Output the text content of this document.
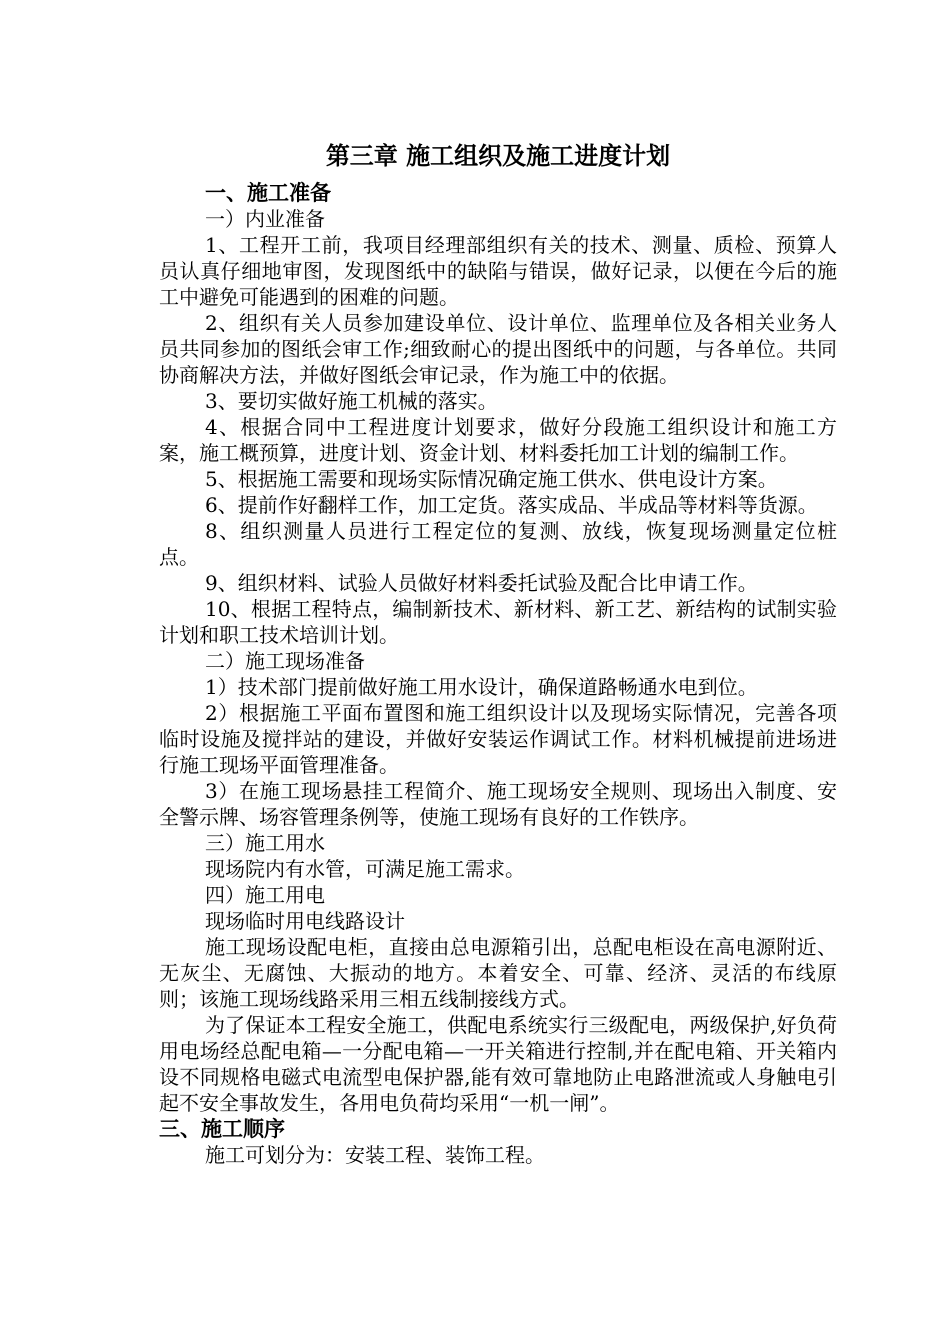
第三章 施工组织及施工进度计划
一、施工准备
一）内业准备
1、工程开工前，我项目经理部组织有关的技术、测量、质检、预算人员认真仔细地审图，发现图纸中的缺陷与错误，做好记录，以便在今后的施工中避免可能遇到的困难的问题。
2、组织有关人员参加建设单位、设计单位、监理单位及各相关业务人员共同参加的图纸会审工作;细致耐心的提出图纸中的问题，与各单位。共同协商解决方法，并做好图纸会审记录，作为施工中的依据。
3、要切实做好施工机械的落实。
4、根据合同中工程进度计划要求，做好分段施工组织设计和施工方案，施工概预算，进度计划、资金计划、材料委托加工计划的编制工作。
5、根据施工需要和现场实际情况确定施工供水、供电设计方案。
6、提前作好翻样工作，加工定货。落实成品、半成品等材料等货源。
8、组织测量人员进行工程定位的复测、放线，恢复现场测量定位桩点。
9、组织材料、试验人员做好材料委托试验及配合比申请工作。
10、根据工程特点，编制新技术、新材料、新工艺、新结构的试制实验计划和职工技术培训计划。
二）施工现场准备
1）技术部门提前做好施工用水设计，确保道路畅通水电到位。
2）根据施工平面布置图和施工组织设计以及现场实际情况，完善各项临时设施及搅拌站的建设，并做好安装运作调试工作。材料机械提前进场进行施工现场平面管理准备。
3）在施工现场悬挂工程简介、施工现场安全规则、现场出入制度、安全警示牌、场容管理条例等，使施工现场有良好的工作铁序。
三）施工用水
现场院内有水管，可满足施工需求。
四）施工用电
现场临时用电线路设计
施工现场设配电柜，直接由总电源箱引出，总配电柜设在高电源附近、无灰尘、无腐蚀、大振动的地方。本着安全、可靠、经济、灵活的布线原则；该施工现场线路采用三相五线制接线方式。
为了保证本工程安全施工，供配电系统实行三级配电，两级保护,好负荷用电场经总配电箱—一分配电箱—一开关箱进行控制,并在配电箱、开关箱内设不同规格电磁式电流型电保护器,能有效可靠地防止电路泄流或人身触电引起不安全事故发生，各用电负荷均采用“一机一闸”。
三、施工顺序
施工可划分为：安装工程、装饰工程。
